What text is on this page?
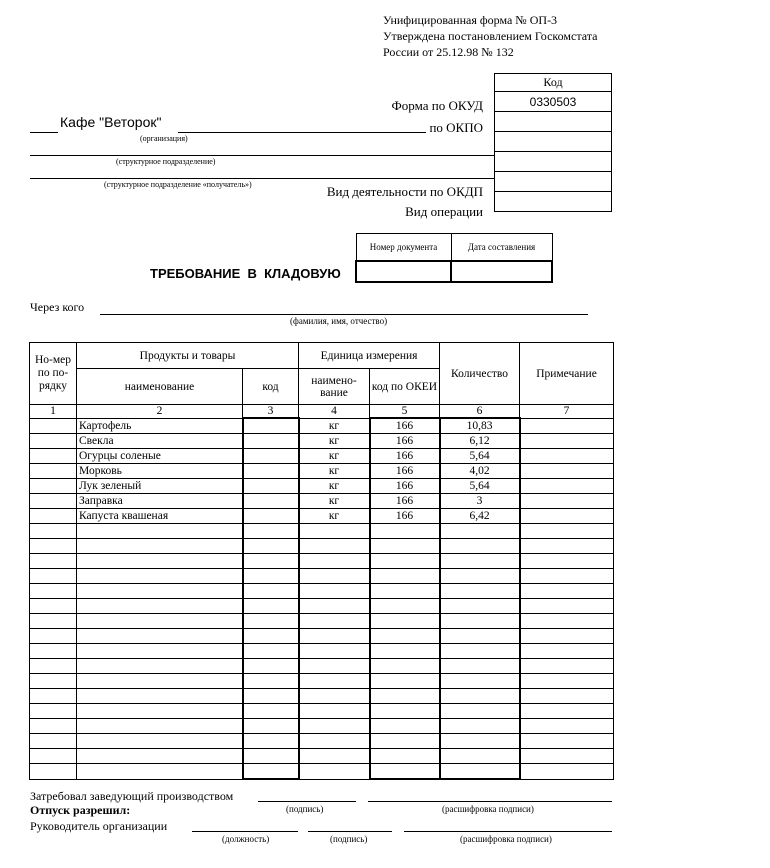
Унифицированная форма № ОП-3
Утверждена постановлением Госкомстата
России от 25.12.98 № 132
Код
0330503

Форма по ОКУД
по ОКПО
Вид деятельности по ОКДП
Вид операции
Кафе "Веторок"
(организация)
(структурное подразделение)
(структурное подразделение «получатель»)
ТРЕБОВАНИЕ  В  КЛАДОВУЮ
Номер документа	Дата составления

Через кого
(фамилия, имя, отчество)
Но-мер по по-рядку	Продукты и товары		Единица измерения		Количество	Примечание
	наименование	код	наимено-вание	код по ОКЕИ		
1	2	3	4	5	6	7
	Картофель		кг	166	10,83	
	Свекла		кг	166	6,12	
	Огурцы соленые		кг	166	5,64	
	Морковь		кг	166	4,02	
	Лук зеленый		кг	166	5,64	
	Заправка		кг	166	3	
	Капуста квашеная		кг	166	6,42	

Затребовал заведующий производством
(подпись)	(расшифровка подписи)
Отпуск разрешил:
Руководитель организации
(должность)	(подпись)	(расшифровка подписи)
